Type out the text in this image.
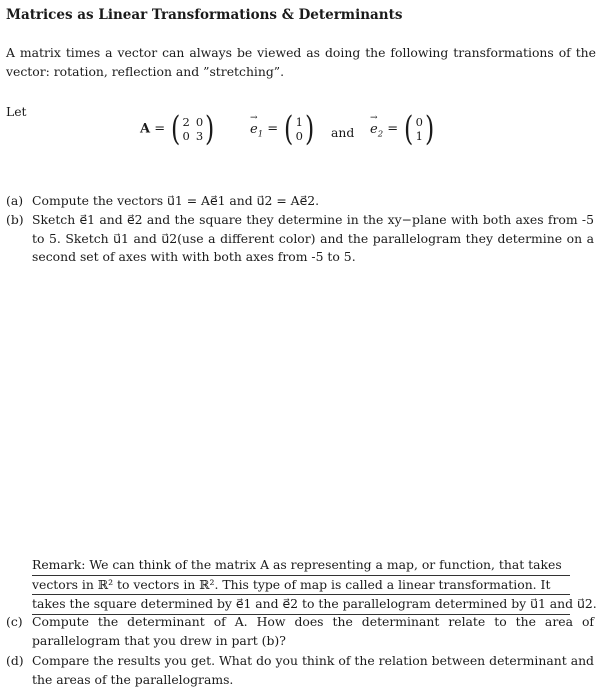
Matrices as Linear Transformations & Determinants
A matrix times a vector can always be viewed as doing the following transformations of the vector: rotation, reflection and ”stretching”.
Let
A = ( 2 0
0 3 )	→ $e_1$ = ( 1
0 ) and → $e_2$ = ( 0
1 )
(a) Compute the vectors u⃗1 = Ae⃗1 and u⃗2 = Ae⃗2.
(b) Sketch e⃗1 and e⃗2 and the square they determine in the xy−plane with both axes from -5 to 5. Sketch u⃗1 and u⃗2(use a different color) and the parallelogram they determine on a second set of axes with with both axes from -5 to 5.
Remark: We can think of the matrix A as representing a map, or function, that takes
vectors in ℝ² to vectors in ℝ². This type of map is called a linear transformation. It
takes the square determined by e⃗1 and e⃗2 to the parallelogram determined by u⃗1 and u⃗2.
(c) Compute the determinant of A. How does the determinant relate to the area of parallelogram that you drew in part (b)?
(d) Compare the results you get. What do you think of the relation between determinant and the areas of the parallelograms.
